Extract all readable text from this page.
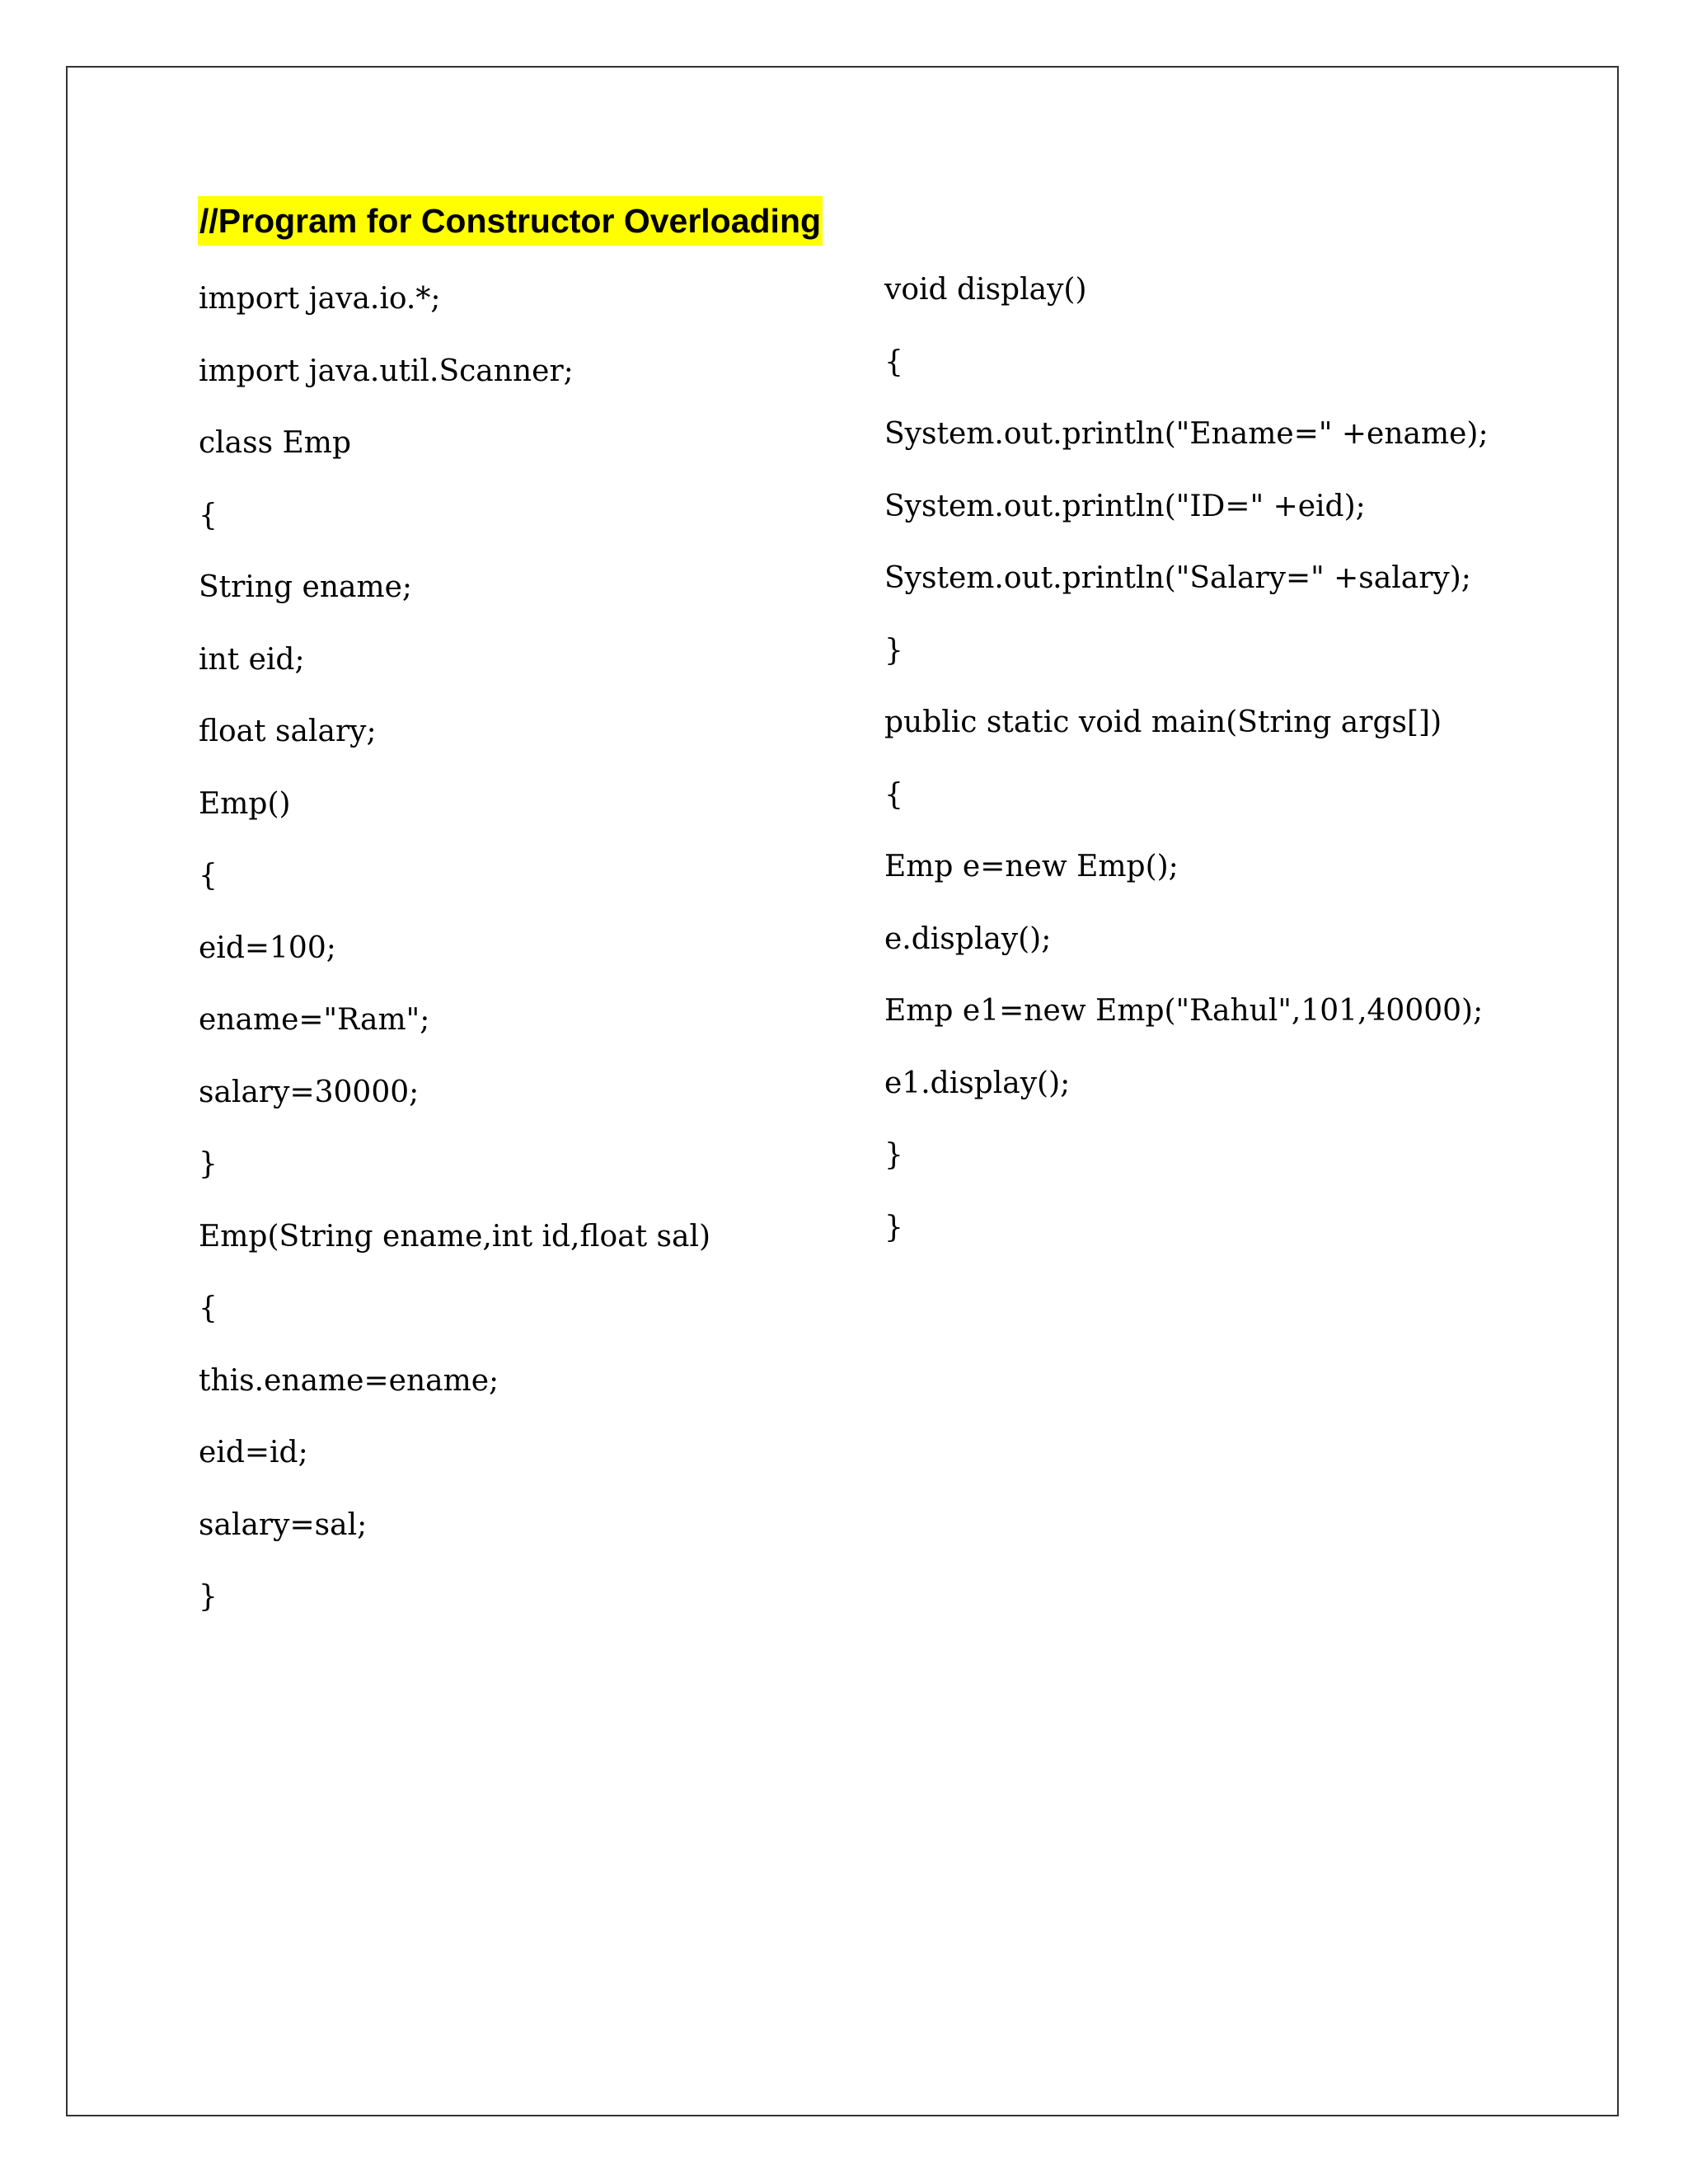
//Program for Constructor Overloading
import java.io.*;
import java.util.Scanner;
class Emp
{
String ename;
int eid;
float salary;
Emp()
{
eid=100;
ename="Ram";
salary=30000;
}
Emp(String ename,int id,float sal)
{
this.ename=ename;
eid=id;
salary=sal;
}
void display()
{
System.out.println("Ename=" +ename);
System.out.println("ID=" +eid);
System.out.println("Salary=" +salary);
}
public static void main(String args[])
{
Emp e=new Emp();
e.display();
Emp e1=new Emp("Rahul",101,40000);
e1.display();
}
}
